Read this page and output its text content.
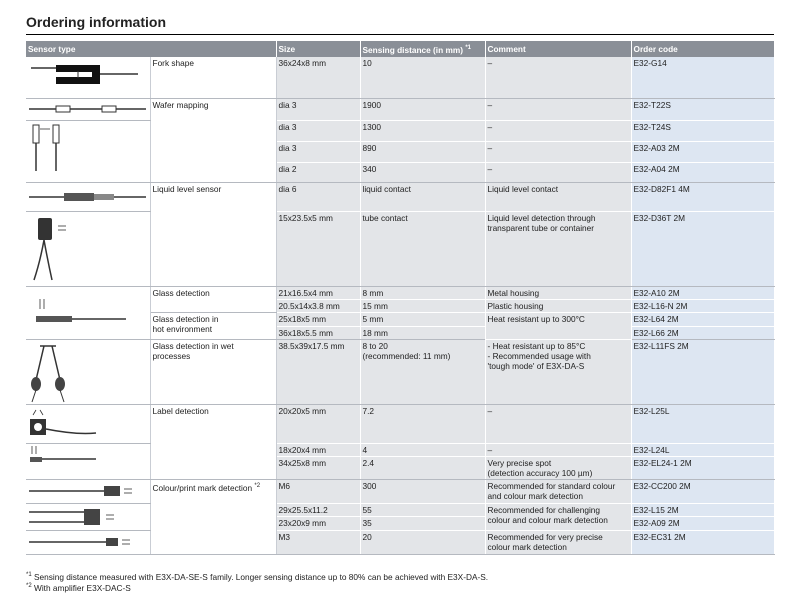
Ordering information
Sensor type		Size	Sensing distance (in mm) $^{*1}$	Comment	Order code

	Fork shape	36x24x8 mm	10	–	E32-G14

	Wafer mapping	dia 3	1900	–	E32-T22S

	dia 3	1300	–	E32-T24S
		dia 3	890	–	E32-A03 2M
		dia 2	340	–	E32-A04 2M

	Liquid level sensor	dia 6	liquid contact	Liquid level contact	E32-D82F1 4M

	15x23.5x5 mm	tube contact	Liquid level detection through
transparent tube or container	E32-D36T 2M

	Glass detection	21x16.5x4 mm	8 mm	Metal housing	E32-A10 2M
		20.5x14x3.8 mm	15 mm	Plastic housing	E32-L16-N 2M

	Glass detection in
hot environment	25x18x5 mm	5 mm	Heat resistant up to 300°C	E32-L64 2M
		36x18x5.5 mm	18 mm		E32-L66 2M

Glass detection in wet
processes	38.5x39x17.5 mm	8 to 20
(recommended: 11 mm)	- Heat resistant up to 85°C
- Recommended usage with
'tough mode' of E3X-DA-S	E32-L11FS 2M

	Label detection	20x20x5 mm	7.2	–	E32-L25L

	18x20x4 mm	4	–	E32-L24L
		34x25x8 mm	2.4	Very precise spot
(detection accuracy 100 µm)	E32-EL24-1 2M

	Colour/print mark detection $^{*2}$	M6	300	Recommended for standard colour
and colour mark detection	E32-CC200 2M

	29x25.5x11.2	55	Recommended for challenging
colour and colour mark detection	E32-L15 2M
		23x20x9 mm	35		E32-A09 2M

	M3	20	Recommended for very precise
colour mark detection	E32-EC31 2M
$^{*1}$ Sensing distance measured with E3X-DA-SE-S family. Longer sensing distance up to 80% can be achieved with E3X-DA-S.
$^{*2}$ With amplifier E3X-DAC-S
